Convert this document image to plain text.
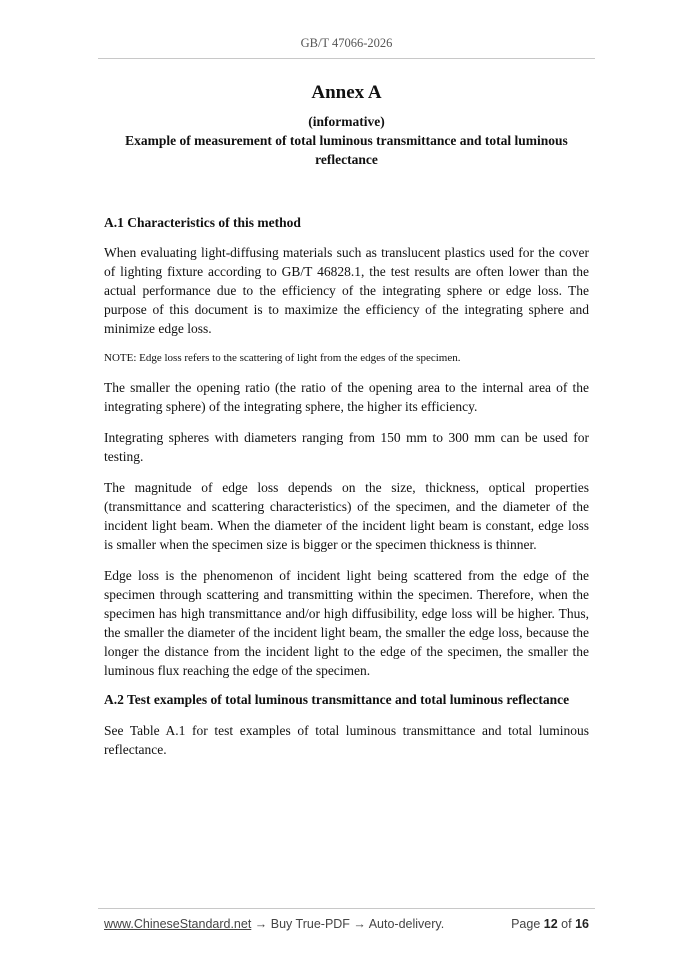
GB/T 47066-2026
Annex A
(informative)
Example of measurement of total luminous transmittance and total luminous
reflectance
A.1 Characteristics of this method

When evaluating light-diffusing materials such as translucent plastics used for the cover of lighting fixture according to GB/T 46828.1, the test results are often lower than the actual performance due to the efficiency of the integrating sphere or edge loss. The purpose of this document is to maximize the efficiency of the integrating sphere and minimize edge loss.

NOTE: Edge loss refers to the scattering of light from the edges of the specimen.

The smaller the opening ratio (the ratio of the opening area to the internal area of the integrating sphere) of the integrating sphere, the higher its efficiency.

Integrating spheres with diameters ranging from 150 mm to 300 mm can be used for testing.

The magnitude of edge loss depends on the size, thickness, optical properties (transmittance and scattering characteristics) of the specimen, and the diameter of the incident light beam. When the diameter of the incident light beam is constant, edge loss is smaller when the specimen size is bigger or the specimen thickness is thinner.

Edge loss is the phenomenon of incident light being scattered from the edge of the specimen through scattering and transmitting within the specimen. Therefore, when the specimen has high transmittance and/or high diffusibility, edge loss will be higher. Thus, the smaller the diameter of the incident light beam, the smaller the edge loss, because the longer the distance from the incident light to the edge of the specimen, the smaller the luminous flux reaching the edge of the specimen.

A.2 Test examples of total luminous transmittance and total luminous reflectance

See Table A.1 for test examples of total luminous transmittance and total luminous reflectance.

www.ChineseStandard.net → Buy True-PDF → Auto-delivery.	Page 12 of 16
